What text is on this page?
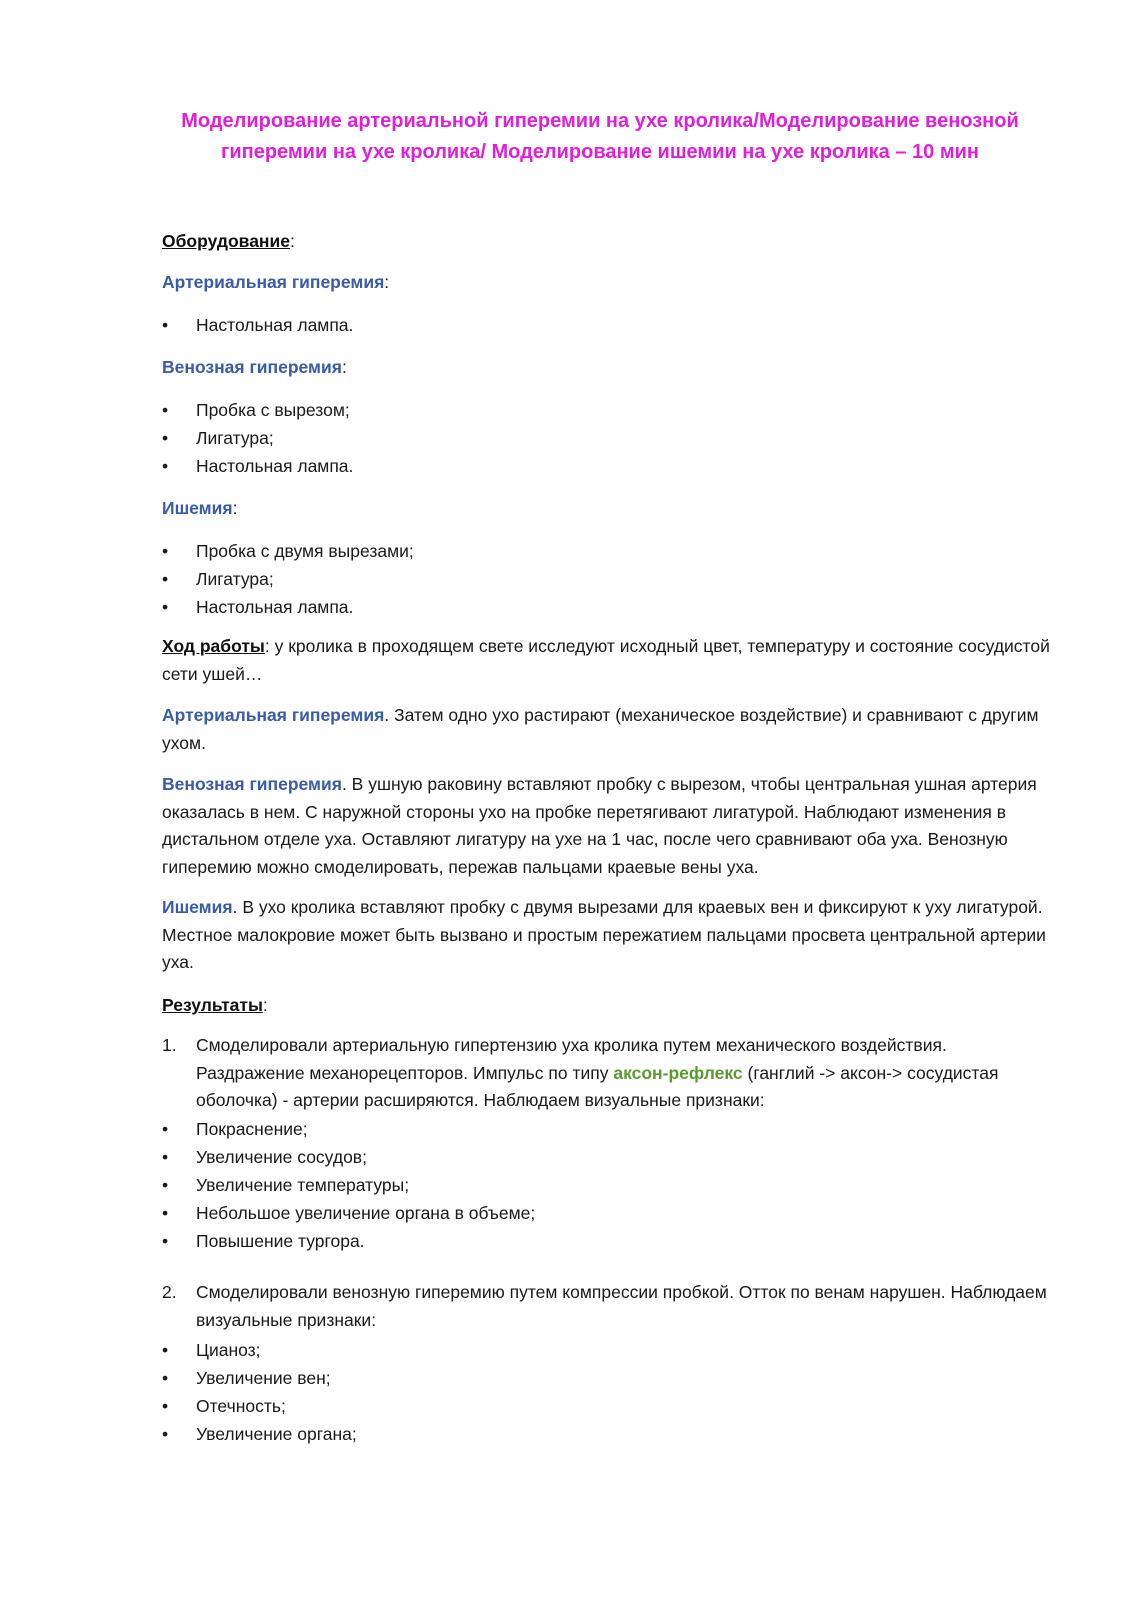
Моделирование артериальной гиперемии на ухе кролика/Моделирование венозной гиперемии на ухе кролика/ Моделирование ишемии на ухе кролика – 10 мин

Оборудование:

Артериальная гиперемия:

•	Настольная лампа.

Венозная гиперемия:

•	Пробка с вырезом;

•	Лигатура;

•	Настольная лампа.

Ишемия:

•	Пробка с двумя вырезами;

•	Лигатура;

•	Настольная лампа.

Ход работы: у кролика в проходящем свете исследуют исходный цвет, температуру и состояние сосудистой сети ушей…

Артериальная гиперемия. Затем одно ухо растирают (механическое воздействие) и сравнивают с другим ухом.

Венозная гиперемия. В ушную раковину вставляют пробку с вырезом, чтобы центральная ушная артерия оказалась в нем. С наружной стороны ухо на пробке перетягивают лигатурой. Наблюдают изменения в дистальном отделе уха. Оставляют лигатуру на ухе на 1 час, после чего сравнивают оба уха. Венозную гиперемию можно смоделировать, пережав пальцами краевые вены уха.

Ишемия. В ухо кролика вставляют пробку с двумя вырезами для краевых вен и фиксируют к уху лигатурой. Местное малокровие может быть вызвано и простым пережатием пальцами просвета центральной артерии уха.

Результаты:

1. Смоделировали артериальную гипертензию уха кролика путем механического воздействия. Раздражение механорецепторов. Импульс по типу аксон-рефлекс (ганглий -> аксон-> сосудистая оболочка) - артерии расширяются. Наблюдаем визуальные признаки:

•	Покраснение;

•	Увеличение сосудов;

•	Увеличение температуры;

•	Небольшое увеличение органа в объеме;

•	Повышение тургора.

2. Смоделировали венозную гиперемию путем компрессии пробкой. Отток по венам нарушен. Наблюдаем визуальные признаки:

•	Цианоз;

•	Увеличение вен;

•	Отечность;

•	Увеличение органа;
